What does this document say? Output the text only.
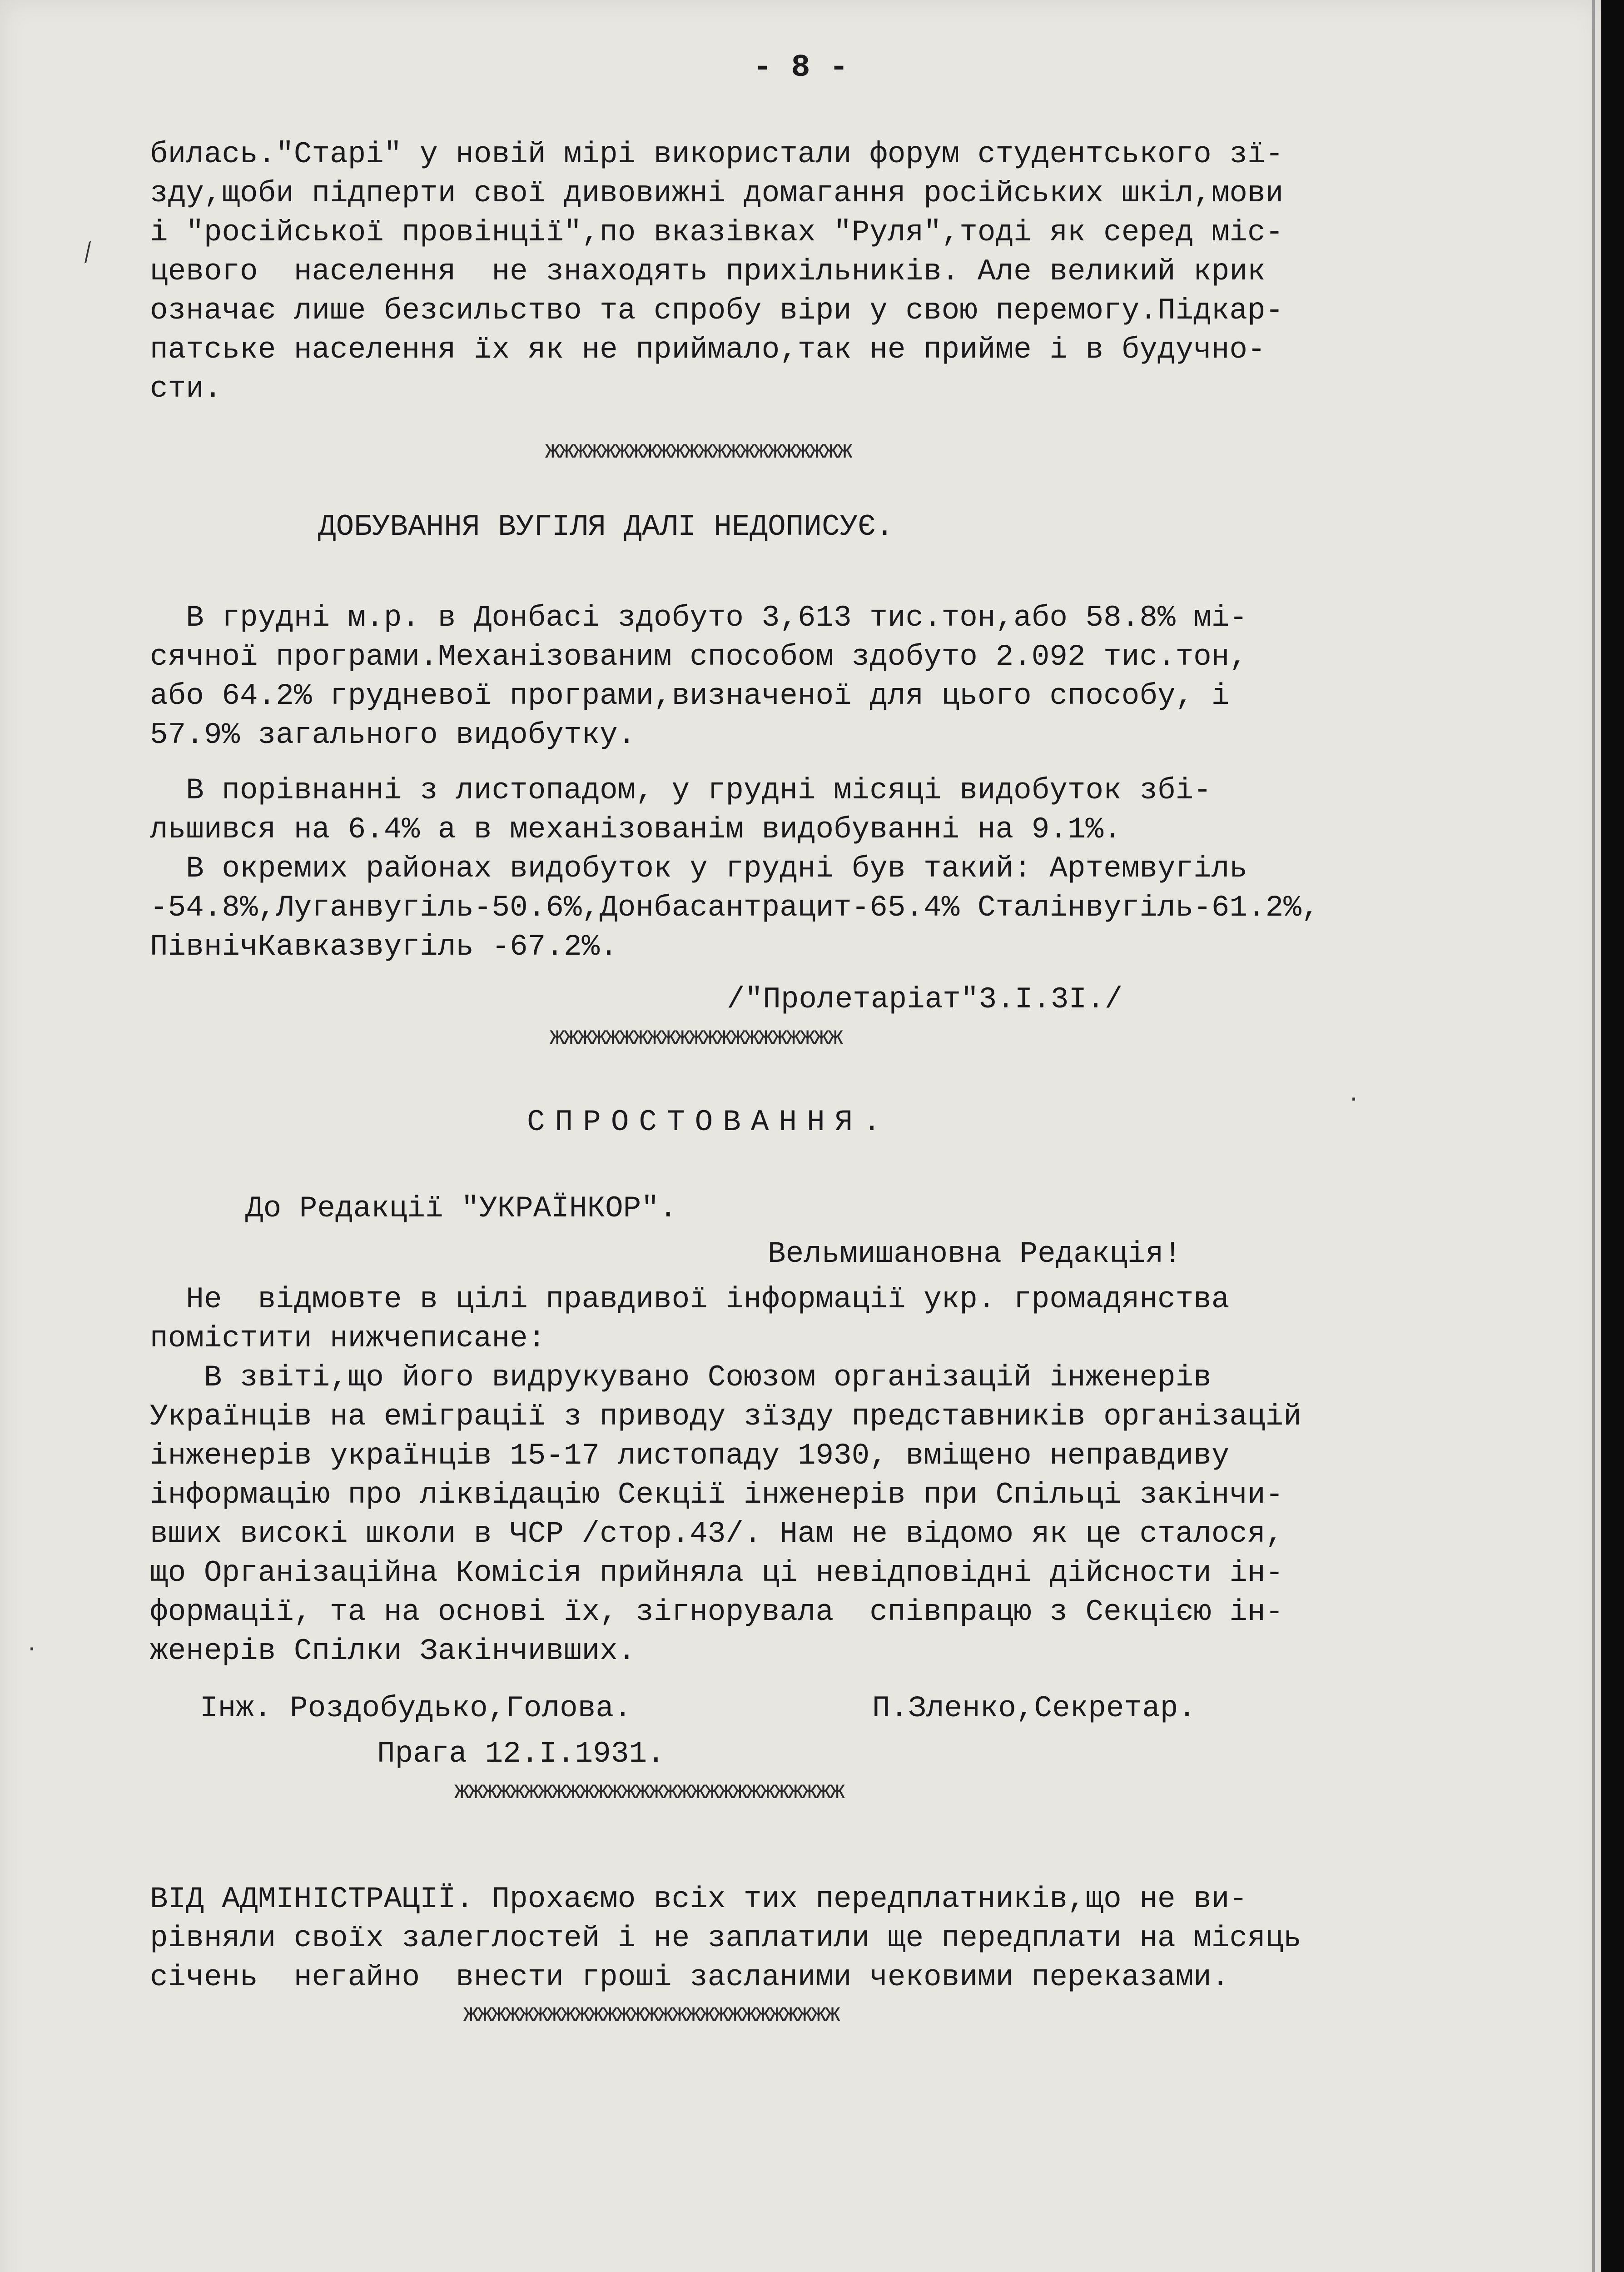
- 8 -
билась."Старі" у новій мірі використали форум студентського зї-
зду,щоби підперти свої дивовижні домагання російських шкіл,мови
і "російської провінції",по вказівках "Руля",тоді як серед міс-
цевого  населення  не знаходять прихільників. Але великий крик
означає лише безсильство та спробу віри у свою перемогу.Підкар-
патське населення їх як не приймало,так не прийме і в будучно-
сти.
жжжжжжжжжжжжжжжжжжжжжж
ДОБУВАННЯ ВУГІЛЯ ДАЛІ НЕДОПИСУЄ.
В грудні м.р. в Донбасі здобуто 3,613 тис.тон,або 58.8% мі-
сячної програми.Механізованим способом здобуто 2.092 тис.тон,
або 64.2% грудневої програми,визначеної для цього способу, і
57.9% загального видобутку.
В порівнанні з листопадом, у грудні місяці видобуток збі-
льшився на 6.4% а в механізованім видобуванні на 9.1%.
В окремих районах видобуток у грудні був такий: Артемвугіль
-54.8%,Луганвугіль-50.6%,Донбасантрацит-65.4% Сталінвугіль-61.2%,
ПівнічКавказвугіль -67.2%.
/"Пролетаріат"3.I.3I./
жжжжжжжжжжжжжжжжжжжжж
СПРОСТОВАННЯ.
До Редакції "УКРАЇНКОР".
Вельмишановна Редакція!
Не  відмовте в цілі правдивої інформації укр. громадянства
помістити нижчеписане:
В звіті,що його видрукувано Союзом організацій інженерів
Українців на еміграції з приводу зїзду представників організацій
інженерів українців 15-17 листопаду 1930, вміщено неправдиву
інформацію про ліквідацію Секції інженерів при Спільці закінчи-
вших високі школи в ЧСР /стор.43/. Нам не відомо як це сталося,
що Організаційна Комісія прийняла ці невідповідні дійсности ін-
формації, та на основі їх, зігнорувала  співпрацю з Секцією ін-
женерів Спілки Закінчивших.
Інж. Роздобудько,Голова.	П.Зленко,Секретар.
Прага 12.I.1931.
жжжжжжжжжжжжжжжжжжжжжжжжжжжж
ВІД АДМІНІСТРАЦІЇ. Прохаємо всіх тих передплатників,що не ви-
рівняли своїх залеглостей і не заплатили ще передплати на місяць
січень  негайно  внести гроші засланими чековими переказами.
жжжжжжжжжжжжжжжжжжжжжжжжжжж
⁄
·
·
